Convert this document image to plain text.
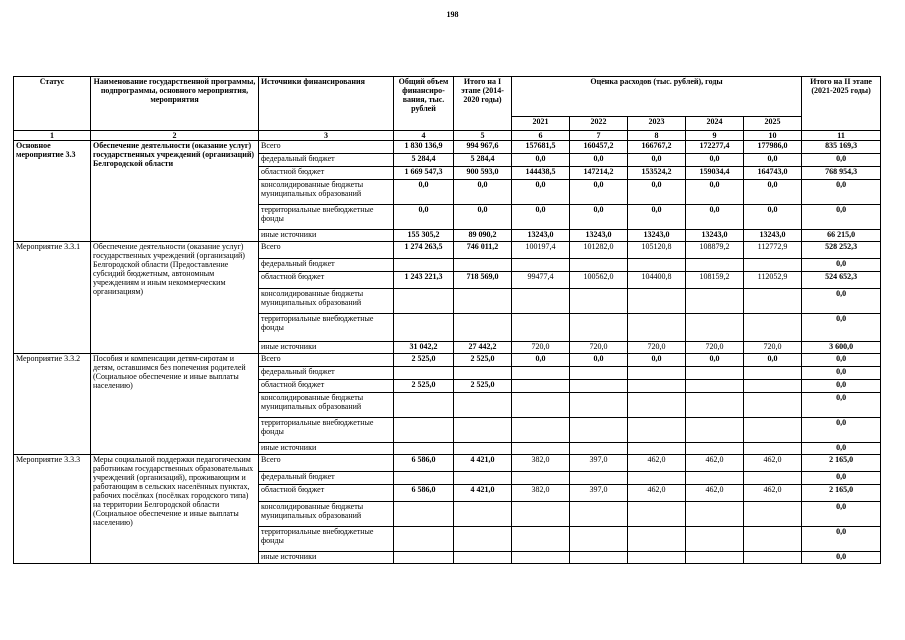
198
Статус	Наименование государственной программы, подпрограммы, основного мероприятия, мероприятия	Источники финансирования	Общий объем финансиро-вания, тыс. рублей	Итого на I этапе (2014-2020 годы)	Оценка расходов (тыс. рублей), годы					Итого на II этапе (2021-2025 годы)
					2021	2022	2023	2024	2025	
1	2	3	4	5	6	7	8	9	10	11
Основное мероприятие 3.3	Обеспечение деятельности (оказание услуг) государственных учреждений (организаций) Белгородской области	Всего	1 830 136,9	994 967,6	157681,5	160457,2	166767,2	172277,4	177986,0	835 169,3
		федеральный бюджет	5 284,4	5 284,4	0,0	0,0	0,0	0,0	0,0	0,0
		областной бюджет	1 669 547,3	900 593,0	144438,5	147214,2	153524,2	159034,4	164743,0	768 954,3
		консолидированные бюджеты муниципальных образований	0,0	0,0	0,0	0,0	0,0	0,0	0,0	0,0
		территориальные внебюджетные фонды	0,0	0,0	0,0	0,0	0,0	0,0	0,0	0,0
		иные источники	155 305,2	89 090,2	13243,0	13243,0	13243,0	13243,0	13243,0	66 215,0
Мероприятие 3.3.1	Обеспечение деятельности (оказание услуг) государственных учреждений (организаций) Белгородской области (Предоставление субсидий бюджетным, автономным учреждениям и иным некоммерческим организациям)	Всего	1 274 263,5	746 011,2	100197,4	101282,0	105120,8	108879,2	112772,9	528 252,3
		федеральный бюджет								0,0
		областной бюджет	1 243 221,3	718 569,0	99477,4	100562,0	104400,8	108159,2	112052,9	524 652,3
		консолидированные бюджеты муниципальных образований								0,0
		территориальные внебюджетные фонды								0,0
		иные источники	31 042,2	27 442,2	720,0	720,0	720,0	720,0	720,0	3 600,0
Мероприятие 3.3.2	Пособия и компенсации детям-сиротам и детям, оставшимся без попечения родителей (Социальное обеспечение и иные выплаты населению)	Всего	2 525,0	2 525,0	0,0	0,0	0,0	0,0	0,0	0,0
		федеральный бюджет								0,0
		областной бюджет	2 525,0	2 525,0						0,0
		консолидированные бюджеты муниципальных образований								0,0
		территориальные внебюджетные фонды								0,0
		иные источники								0,0
Мероприятие 3.3.3	Меры социальной поддержки педагогическим работникам государственных образовательных учреждений (организаций), проживающим и работающим в сельских населённых пунктах, рабочих посёлках (посёлках городского типа) на территории Белгородской области (Социальное обеспечение и иные выплаты населению)	Всего	6 586,0	4 421,0	382,0	397,0	462,0	462,0	462,0	2 165,0
		федеральный бюджет								0,0
		областной бюджет	6 586,0	4 421,0	382,0	397,0	462,0	462,0	462,0	2 165,0
		консолидированные бюджеты муниципальных образований								0,0
		территориальные внебюджетные фонды								0,0
		иные источники								0,0
